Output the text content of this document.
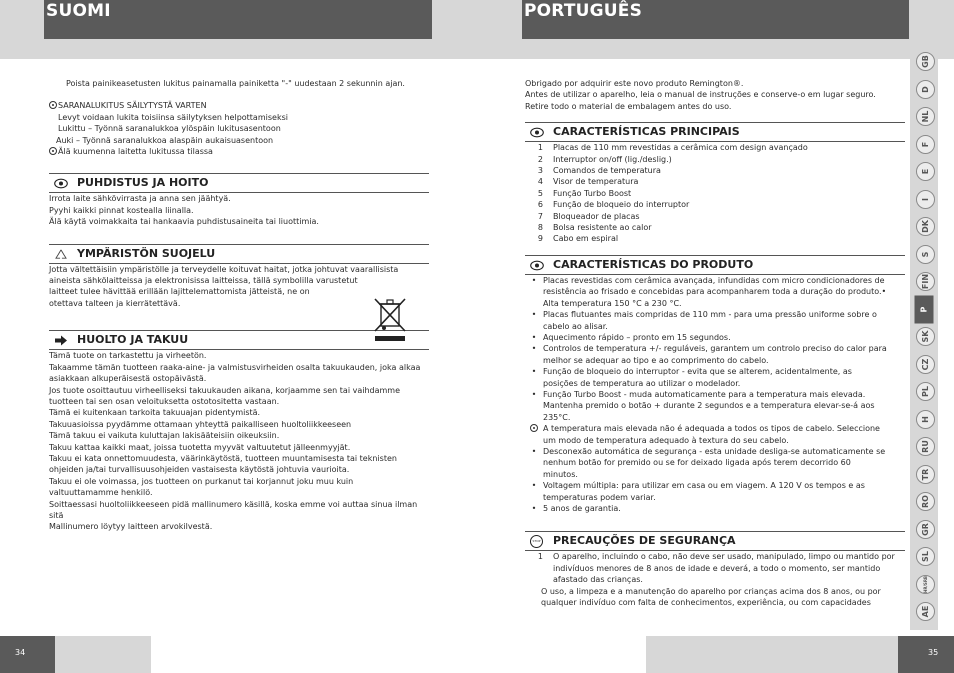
SUOMI	PORTUGUÊS

Poista painikeasetusten lukitus painamalla painiketta "-" uudestaan 2 sekunnin ajan.

SARANALUKITUS SÄILYTYSTÄ VARTEN

Levyt voidaan lukita toisiinsa säilytyksen helpottamiseksi

Lukittu – Työnnä saranalukkoa ylöspäin lukitusasentoon

Auki – Työnnä saranalukkoa alaspäin aukaisuasentoon

Älä kuumenna laitetta lukitussa tilassa

PUHDISTUS JA HOITO

Irrota laite sähkövirrasta ja anna sen jäähtyä.

Pyyhi kaikki pinnat kostealla liinalla.

Älä käytä voimakkaita tai hankaavia puhdistusaineita tai liuottimia.

YMPÄRISTÖN SUOJELU

Jotta vältettäisiin ympäristölle ja terveydelle koituvat haitat, jotka johtuvat vaarallisista

aineista sähkölaitteissa ja elektronisissa laitteissa, tällä symbolilla varustetut

laitteet tulee hävittää erillään lajittelemattomista jätteistä, ne on

otettava talteen ja kierrätettävä.

HUOLTO JA TAKUU

Tämä tuote on tarkastettu ja virheetön.

Takaamme tämän tuotteen raaka-aine- ja valmistusvirheiden osalta takuukauden, joka alkaa

asiakkaan alkuperäisestä ostopäivästä.

Jos tuote osoittautuu virheelliseksi takuukauden aikana, korjaamme sen tai vaihdamme

tuotteen tai sen osan veloituksetta ostotositetta vastaan.

Tämä ei kuitenkaan tarkoita takuuajan pidentymistä.

Takuuasioissa pyydämme ottamaan yhteyttä paikalliseen huoltoliikkeeseen

Tämä takuu ei vaikuta kuluttajan lakisääteisiin oikeuksiin.

Takuu kattaa kaikki maat, joissa tuotetta myyvät valtuutetut jälleenmyyjät.

Takuu ei kata onnettomuudesta, väärinkäytöstä, tuotteen muuntamisesta tai teknisten

ohjeiden ja/tai turvallisuusohjeiden vastaisesta käytöstä johtuvia vaurioita.

Takuu ei ole voimassa, jos tuotteen on purkanut tai korjannut joku muu kuin

valtuuttamamme henkilö.

Soittaessasi huoltoliikkeeseen pidä mallinumero käsillä, koska emme voi auttaa sinua ilman

sitä

Mallinumero löytyy laitteen arvokilvestä.

Obrigado por adquirir este novo produto Remington®.

Antes de utilizar o aparelho, leia o manual de instruções e conserve-o em lugar seguro.

Retire todo o material de embalagem antes do uso.

CARACTERÍSTICAS PRINCIPAIS
1	Placas de 110 mm revestidas a cerâmica com design avançado
2	Interruptor on/off (lig./deslig.)
3	Comandos de temperatura
4	Visor de temperatura
5	Função Turbo Boost
6	Função de bloqueio do interruptor
7	Bloqueador de placas
8	Bolsa resistente ao calor
9	Cabo em espiral
CARACTERÍSTICAS DO PRODUTO
• Placas revestidas com cerâmica avançada, infundidas com micro condicionadores de

resistência ao frisado e concebidas para acompanharem toda a duração do produto.•

Alta temperatura 150 °C a 230 °C.

• Placas flutuantes mais compridas de 110 mm - para uma pressão uniforme sobre o

cabelo ao alisar.

• Aquecimento rápido – pronto em 15 segundos.

• Controlos de temperatura +/- reguláveis, garantem um controlo preciso do calor para

melhor se adequar ao tipo e ao comprimento do cabelo.

• Função de bloqueio do interruptor - evita que se alterem, acidentalmente, as

posições de temperatura ao utilizar o modelador.

• Função Turbo Boost - muda automaticamente para a temperatura mais elevada.

Mantenha premido o botão + durante 2 segundos e a temperatura elevar-se-á aos

235°C.

A temperatura mais elevada não é adequada a todos os tipos de cabelo. Seleccione

um modo de temperatura adequado à textura do seu cabelo.

• Desconexão automática de segurança - esta unidade desliga-se automaticamente se

nenhum botão for premido ou se for deixado ligada após terem decorrido 60

minutos.

• Voltagem múltipla: para utilizar em casa ou em viagem. A 120 V os tempos e as

temperaturas podem variar.

• 5 anos de garantia.

STOP PRECAUÇÕES DE SEGURANÇA
1	O aparelho, incluindo o cabo, não deve ser usado, manipulado, limpo ou mantido por

indivíduos menores de 8 anos de idade e deverá, a todo o momento, ser mantido

afastado das crianças.

O uso, a limpeza e a manutenção do aparelho por crianças acima dos 8 anos, ou por

qualquer indivíduo com falta de conhecimentos, experiência, ou com capacidades

GB
D
NL
F
E
I
DK
S
FIN
P
SK
CZ
PL
H
RU
TR
RO
GR
SL
HR/SRB
AE
34	35
